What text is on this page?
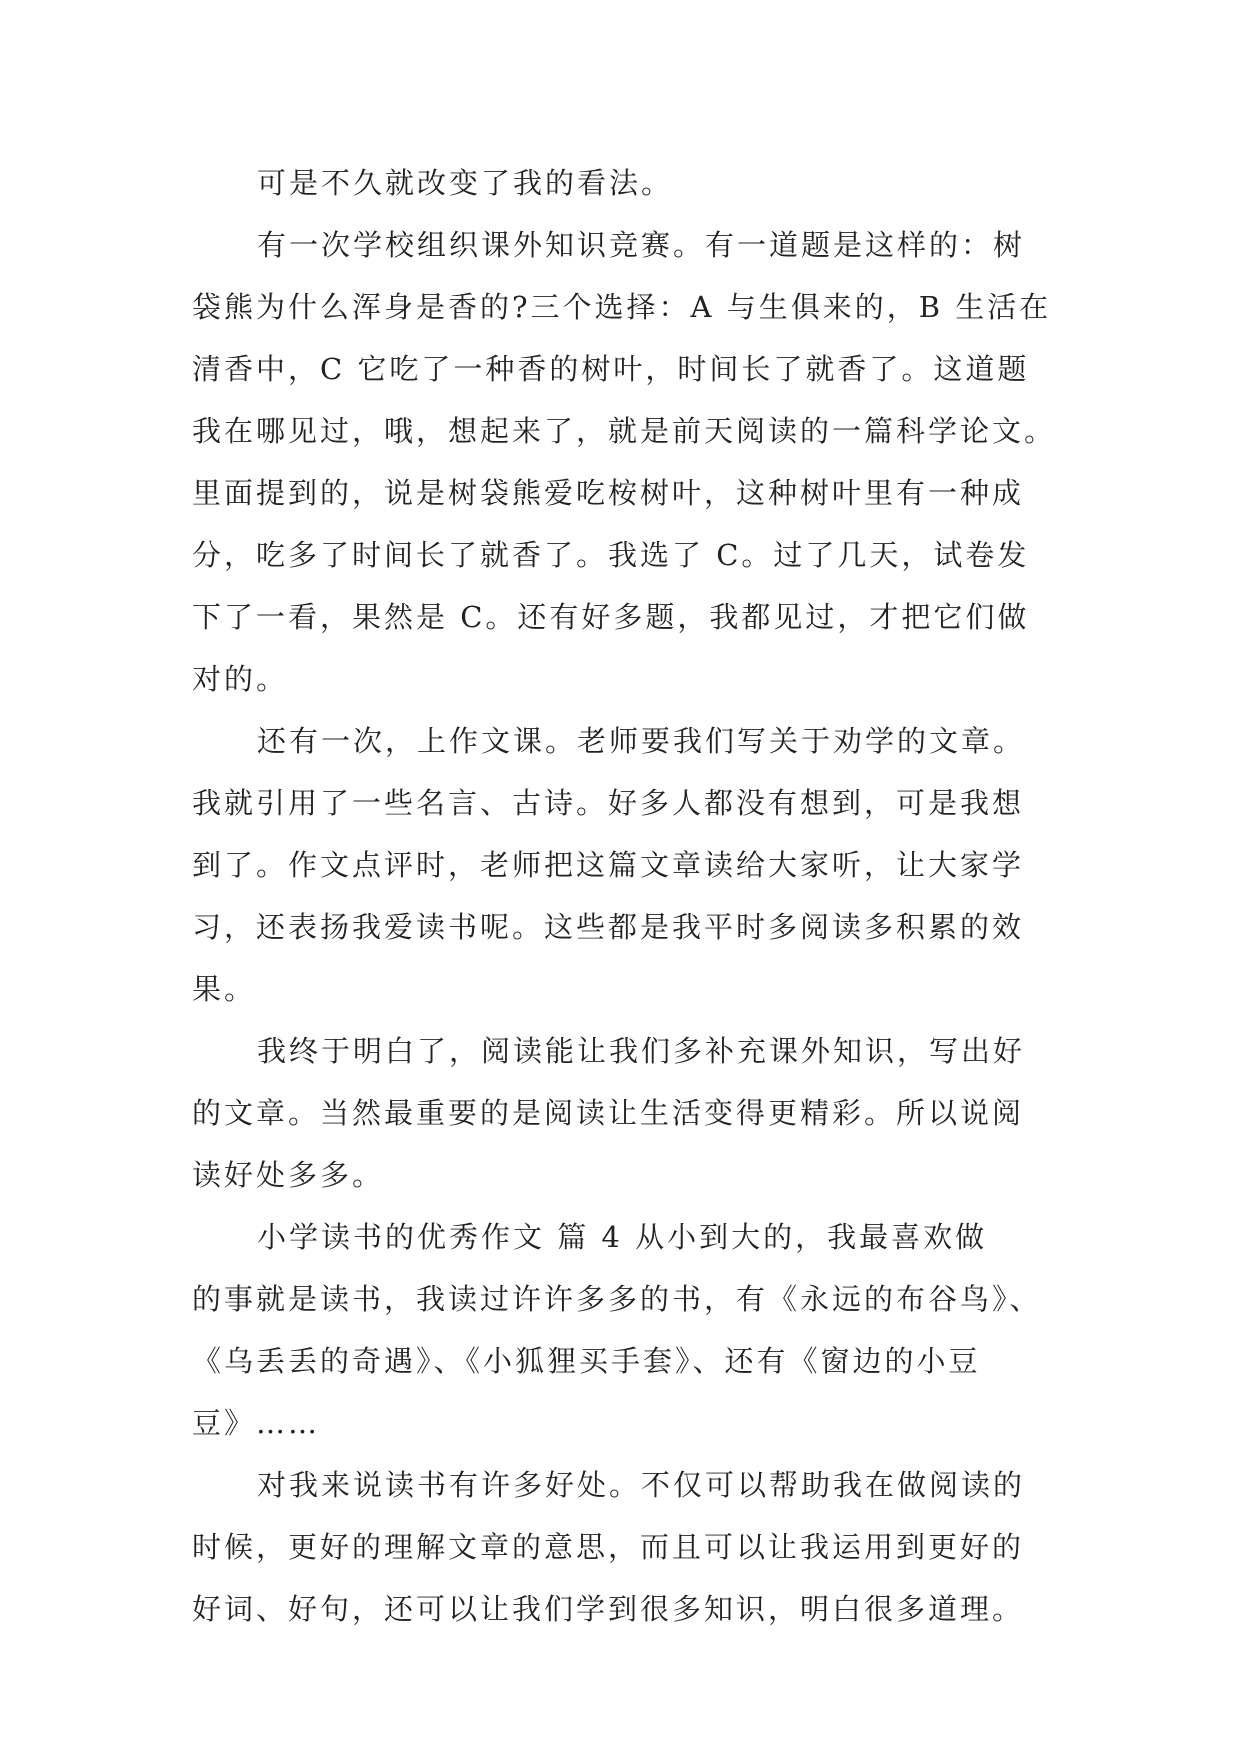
可是不久就改变了我的看法。
有一次学校组织课外知识竞赛。有一道题是这样的：树
袋熊为什么浑身是香的?三个选择：A 与生俱来的，B 生活在
清香中，C 它吃了一种香的树叶，时间长了就香了。这道题
我在哪见过，哦，想起来了，就是前天阅读的一篇科学论文。
里面提到的，说是树袋熊爱吃桉树叶，这种树叶里有一种成
分，吃多了时间长了就香了。我选了 C。过了几天，试卷发
下了一看，果然是 C。还有好多题，我都见过，才把它们做
对的。
还有一次，上作文课。老师要我们写关于劝学的文章。
我就引用了一些名言、古诗。好多人都没有想到，可是我想
到了。作文点评时，老师把这篇文章读给大家听，让大家学
习，还表扬我爱读书呢。这些都是我平时多阅读多积累的效
果。
我终于明白了，阅读能让我们多补充课外知识，写出好
的文章。当然最重要的是阅读让生活变得更精彩。所以说阅
读好处多多。
小学读书的优秀作文 篇 4 从小到大的，我最喜欢做
的事就是读书，我读过许许多多的书，有《永远的布谷鸟》、
《乌丢丢的奇遇》、《小狐狸买手套》、还有《窗边的小豆
豆》……
对我来说读书有许多好处。不仅可以帮助我在做阅读的
时候，更好的理解文章的意思，而且可以让我运用到更好的
好词、好句，还可以让我们学到很多知识，明白很多道理。
